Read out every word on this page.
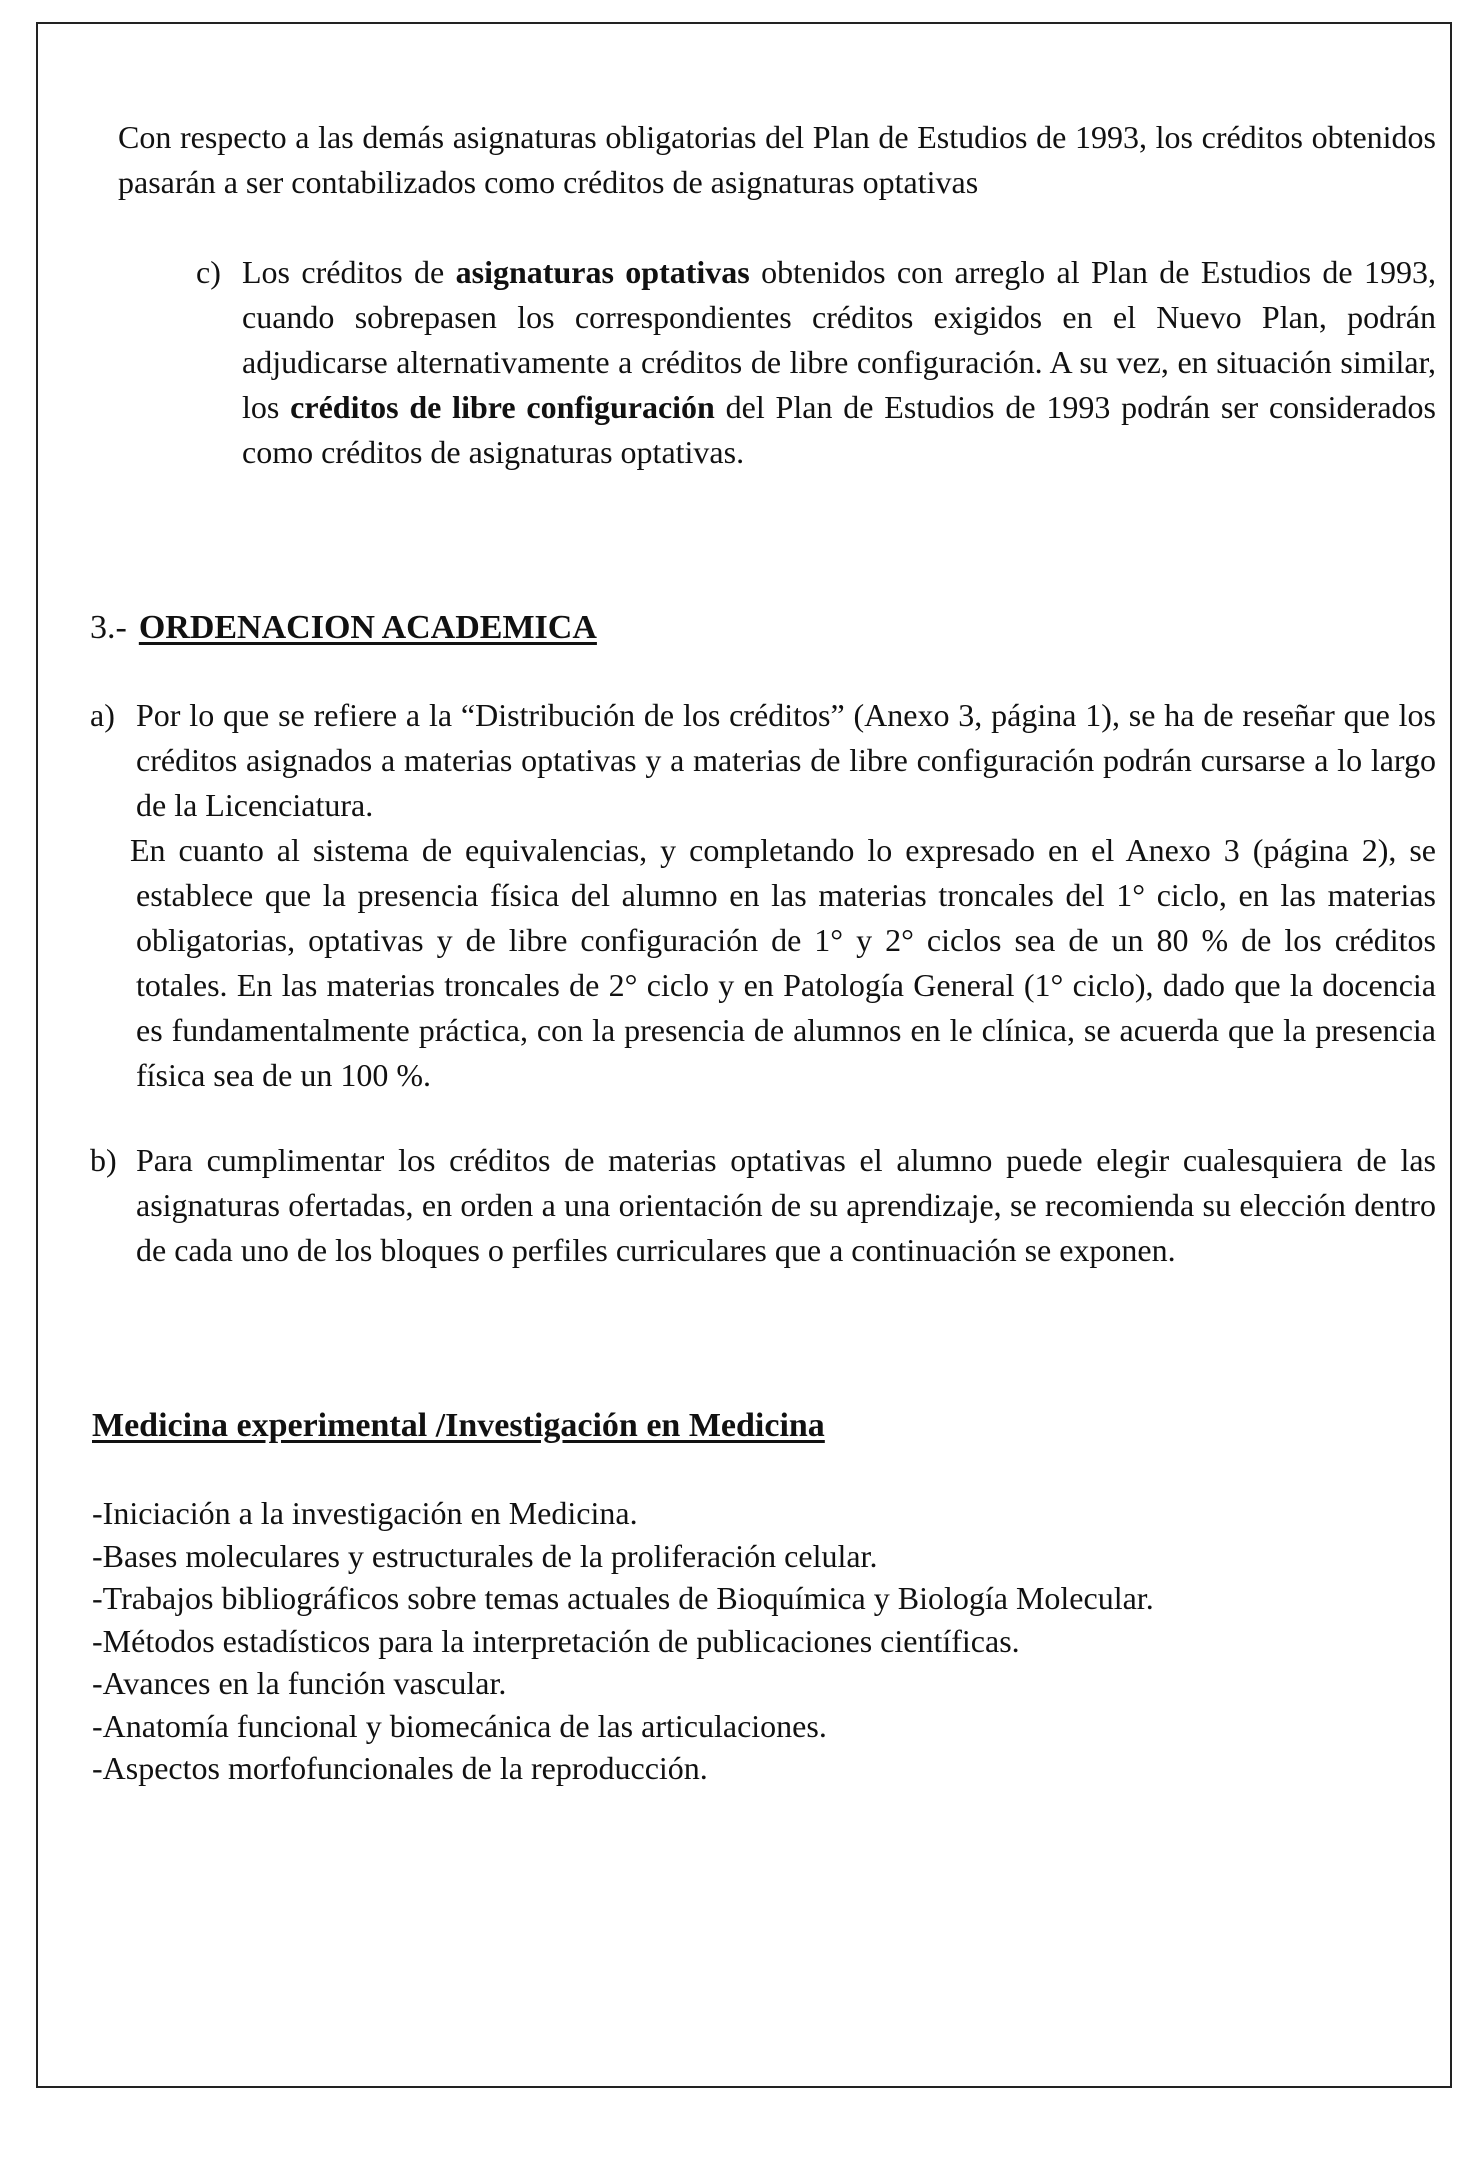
Con respecto a las demás asignaturas obligatorias del Plan de Estudios de 1993, los créditos obtenidos pasarán a ser contabilizados como créditos de asignaturas optativas

c) Los créditos de asignaturas optativas obtenidos con arreglo al Plan de Estudios de 1993, cuando sobrepasen los correspondientes créditos exigidos en el Nuevo Plan, podrán adjudicarse alternativamente a créditos de libre configuración. A su vez, en situación similar, los créditos de libre configuración del Plan de Estudios de 1993 podrán ser considerados como créditos de asignaturas optativas.

3.- ORDENACION ACADEMICA
a) Por lo que se refiere a la “Distribución de los créditos” (Anexo 3, página 1), se ha de reseñar que los créditos asignados a materias optativas y a materias de libre configuración podrán cursarse a lo largo de la Licenciatura.

En cuanto al sistema de equivalencias, y completando lo expresado en el Anexo 3 (página 2), se establece que la presencia física del alumno en las materias troncales del 1° ciclo, en las materias obligatorias, optativas y de libre configuración de 1° y 2° ciclos sea de un 80 % de los créditos totales. En las materias troncales de 2° ciclo y en Patología General (1° ciclo), dado que la docencia es fundamentalmente práctica, con la presencia de alumnos en le clínica, se acuerda que la presencia física sea de un 100 %.

b) Para cumplimentar los créditos de materias optativas el alumno puede elegir cualesquiera de las asignaturas ofertadas, en orden a una orientación de su aprendizaje, se recomienda su elección dentro de cada uno de los bloques o perfiles curriculares que a continuación se exponen.

Medicina experimental /Investigación en Medicina
-Iniciación a la investigación en Medicina.
-Bases moleculares y estructurales de la proliferación celular.
-Trabajos bibliográficos sobre temas actuales de Bioquímica y Biología Molecular.
-Métodos estadísticos para la interpretación de publicaciones científicas.
-Avances en la función vascular.
-Anatomía funcional y biomecánica de las articulaciones.
-Aspectos morfofuncionales de la reproducción.
